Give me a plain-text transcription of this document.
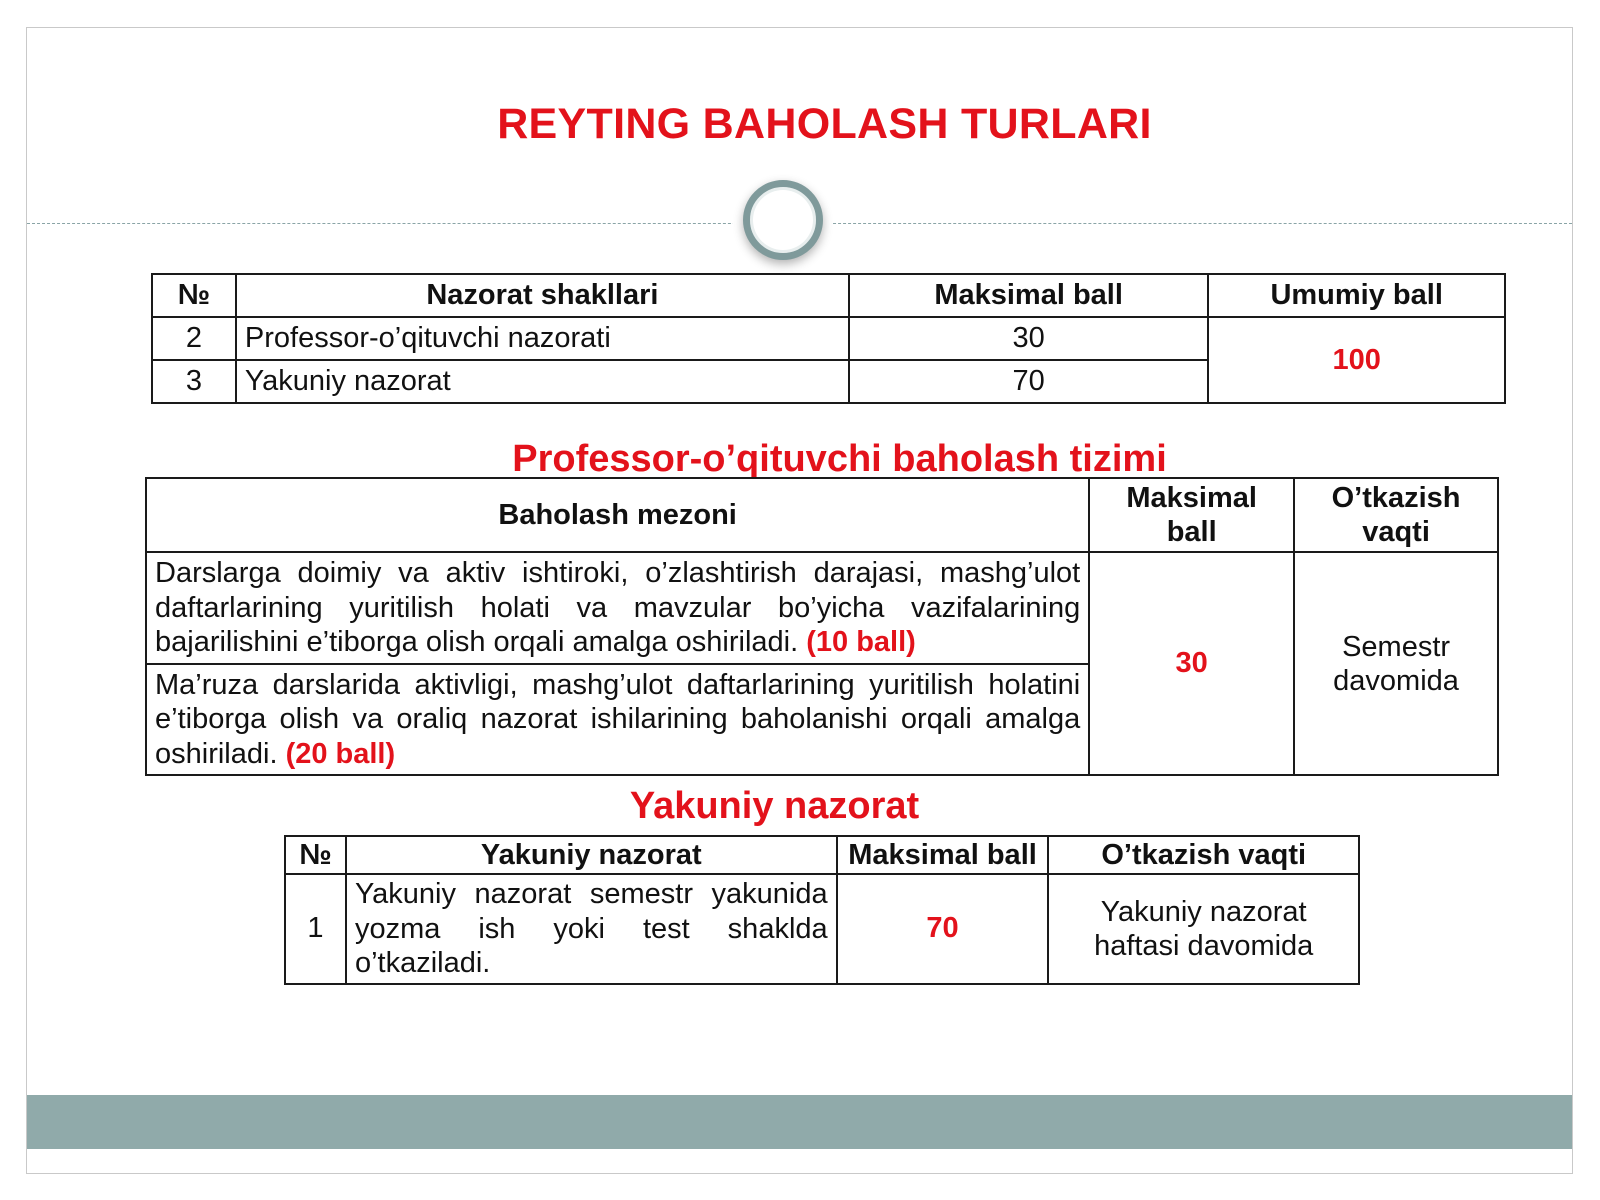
REYTING BAHOLASH TURLARI
№	Nazorat shakllari	Maksimal ball	Umumiy ball
2	Professor-o’qituvchi nazorati	30	100
3	Yakuniy nazorat	70	
Professor-o’qituvchi baholash tizimi
Baholash mezoni	Maksimal ball	O’tkazish vaqti
Darslarga doimiy va aktiv ishtiroki, o’zlashtirish darajasi, mashg’ulot daftarlarining yuritilish holati va mavzular bo’yicha vazifalarining bajarilishini e’tiborga olish orqali amalga oshiriladi. (10 ball)	30	Semestr davomida
Ma’ruza darslarida aktivligi, mashg’ulot daftarlarining yuritilish holatini e’tiborga olish va oraliq nazorat ishilarining baholanishi orqali amalga oshiriladi. (20 ball)		
Yakuniy nazorat
№	Yakuniy nazorat	Maksimal ball	O’tkazish vaqti
1	Yakuniy nazorat semestr yakunida yozma ish yoki test shaklda o’tkaziladi.	70	Yakuniy nazorat haftasi davomida
